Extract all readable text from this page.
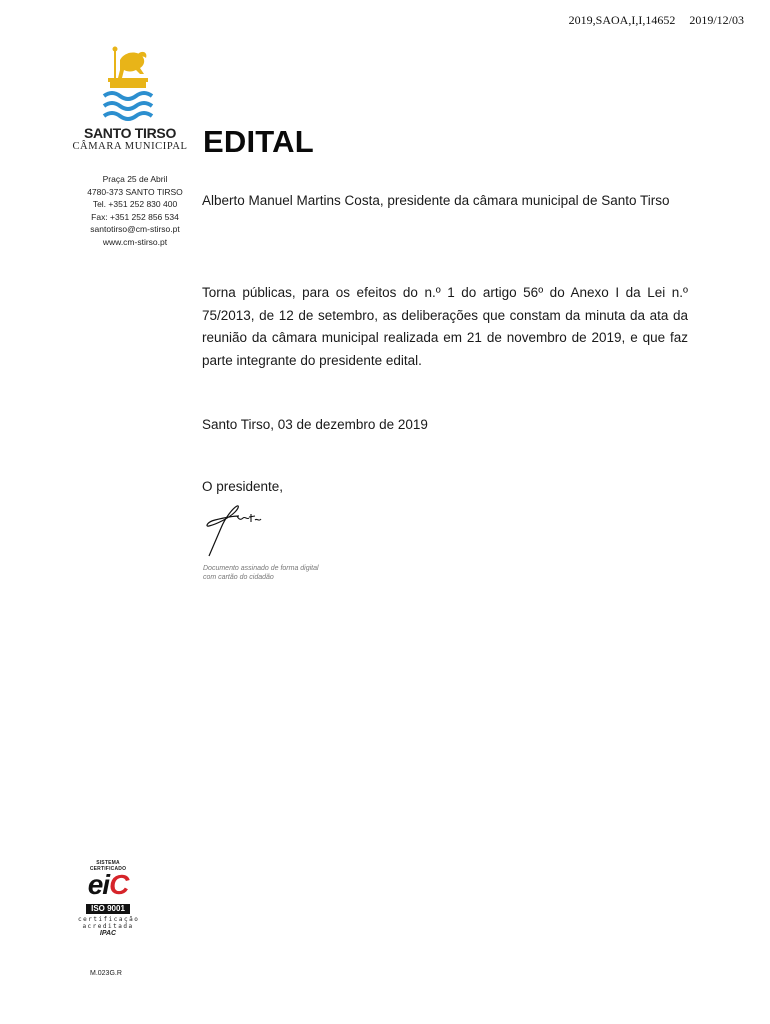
2019,SAOA,I,I,14652 2019/12/03
SANTO TIRSO
CÂMARA MUNICIPAL
Praça 25 de Abril
4780-373 SANTO TIRSO
Tel. +351 252 830 400
Fax: +351 252 856 534
santotirso@cm-stirso.pt
www.cm-stirso.pt
EDITAL
Alberto Manuel Martins Costa, presidente da câmara municipal de Santo Tirso
Torna públicas, para os efeitos do n.º 1 do artigo 56º do Anexo I da Lei n.º 75/2013, de 12 de setembro, as deliberações que constam da minuta da ata da reunião da câmara municipal realizada em 21 de novembro de 2019, e que faz parte integrante do presidente edital.
Santo Tirso, 03 de dezembro de 2019
O presidente,
Documento assinado de forma digital
com cartão do cidadão
SISTEMA CERTIFICADO
eiC
ISO 9001
certificação
acreditada
IPAC
M.023G.R
